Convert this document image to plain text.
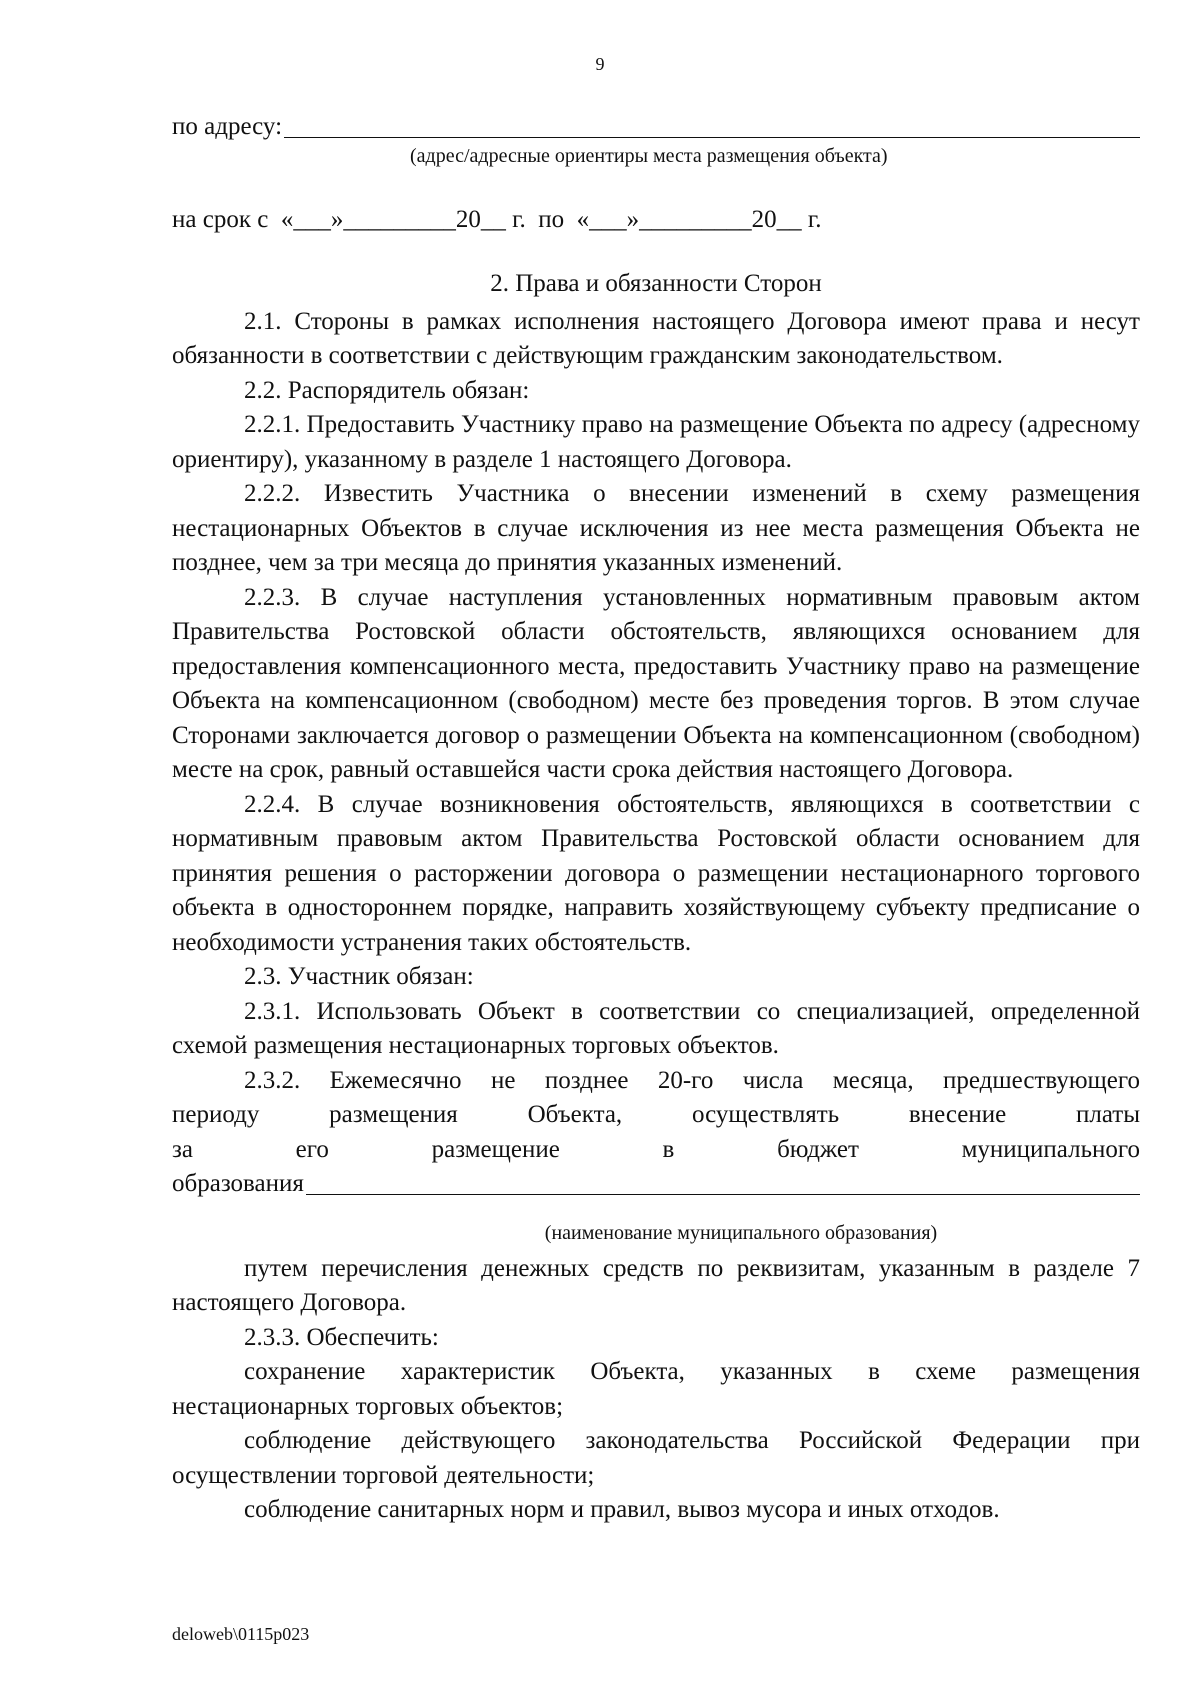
9
по адресу:
(адрес/адресные ориентиры места размещения объекта)
на срок с  «___»_________20__ г.  по  «___»_________20__ г.
2. Права и обязанности Сторон
2.1. Стороны в рамках исполнения настоящего Договора имеют права и несут обязанности в соответствии с действующим гражданским законодательством.
2.2. Распорядитель обязан:
2.2.1. Предоставить Участнику право на размещение Объекта по адресу (адресному ориентиру), указанному в разделе 1 настоящего Договора.
2.2.2. Известить Участника о внесении изменений в схему размещения нестационарных Объектов в случае исключения из нее места размещения Объекта не позднее, чем за три месяца до принятия указанных изменений.
2.2.3. В случае наступления установленных нормативным правовым актом Правительства Ростовской области обстоятельств, являющихся основанием для предоставления компенсационного места, предоставить Участнику право на размещение Объекта на компенсационном (свободном) месте без проведения торгов. В этом случае Сторонами заключается договор о размещении Объекта на компенсационном (свободном) месте на срок, равный оставшейся части срока действия настоящего Договора.
2.2.4. В случае возникновения обстоятельств, являющихся в соответствии с нормативным правовым актом Правительства Ростовской области основанием для принятия решения о расторжении договора о размещении нестационарного торгового объекта в одностороннем порядке, направить хозяйствующему субъекту предписание о необходимости устранения таких обстоятельств.
2.3. Участник обязан:
2.3.1. Использовать Объект в соответствии со специализацией, определенной схемой размещения нестационарных торговых объектов.
2.3.2. Ежемесячно не позднее 20-го числа месяца, предшествующего
периоду размещения Объекта, осуществлять внесение платы
за его размещение в бюджет муниципального
образования
(наименование муниципального образования)
путем перечисления денежных средств по реквизитам, указанным в разделе 7 настоящего Договора.
2.3.3. Обеспечить:
сохранение характеристик Объекта, указанных в схеме размещения нестационарных торговых объектов;
соблюдение действующего законодательства Российской Федерации при осуществлении торговой деятельности;
соблюдение санитарных норм и правил, вывоз мусора и иных отходов.
deloweb\0115p023
